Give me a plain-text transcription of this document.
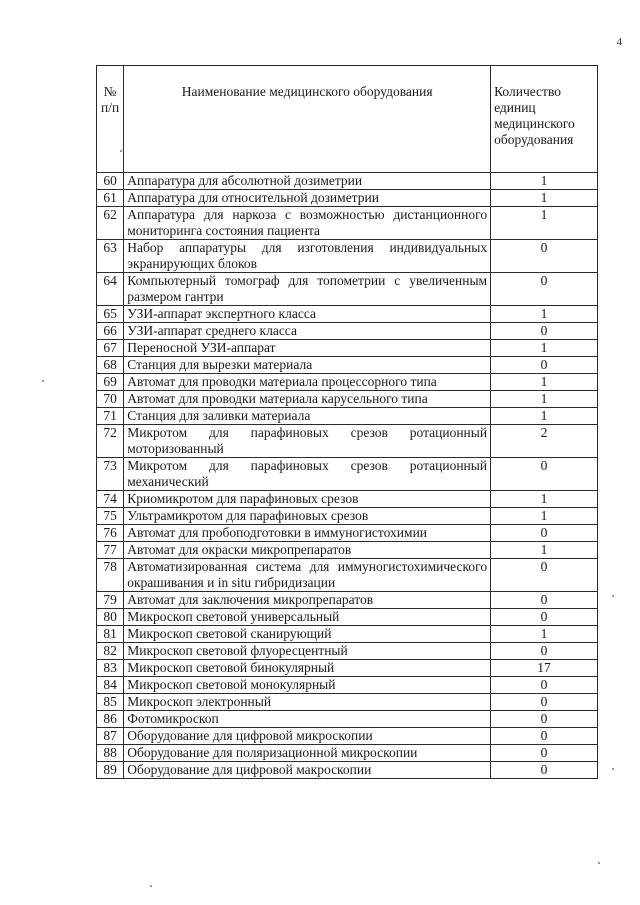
4
№ п/п	Наименование медицинского оборудования	Количество единиц медицинского оборудования
60	Аппаратура для абсолютной дозиметрии	1
61	Аппаратура для относительной дозиметрии	1
62	Аппаратура для наркоза с возможностью дистанционного мониторинга состояния пациента	1
63	Набор аппаратуры для изготовления индивидуальных экранирующих блоков	0
64	Компьютерный томограф для топометрии с увеличенным размером гантри	0
65	УЗИ-аппарат экспертного класса	1
66	УЗИ-аппарат среднего класса	0
67	Переносной УЗИ-аппарат	1
68	Станция для вырезки материала	0
69	Автомат для проводки материала процессорного типа	1
70	Автомат для проводки материала карусельного типа	1
71	Станция для заливки материала	1
72	Микротом для парафиновых срезов ротационный моторизованный	2
73	Микротом для парафиновых срезов ротационный механический	0
74	Криомикротом для парафиновых срезов	1
75	Ультрамикротом для парафиновых срезов	1
76	Автомат для пробоподготовки в иммуногистохимии	0
77	Автомат для окраски микропрепаратов	1
78	Автоматизированная система для иммуногистохимического окрашивания и in situ гибридизации	0
79	Автомат для заключения микропрепаратов	0
80	Микроскоп световой универсальный	0
81	Микроскоп световой сканирующий	1
82	Микроскоп световой флуоресцентный	0
83	Микроскоп световой бинокулярный	17
84	Микроскоп световой монокулярный	0
85	Микроскоп электронный	0
86	Фотомикроскоп	0
87	Оборудование для цифровой микроскопии	0
88	Оборудование для поляризационной микроскопии	0
89	Оборудование для цифровой макроскопии	0
